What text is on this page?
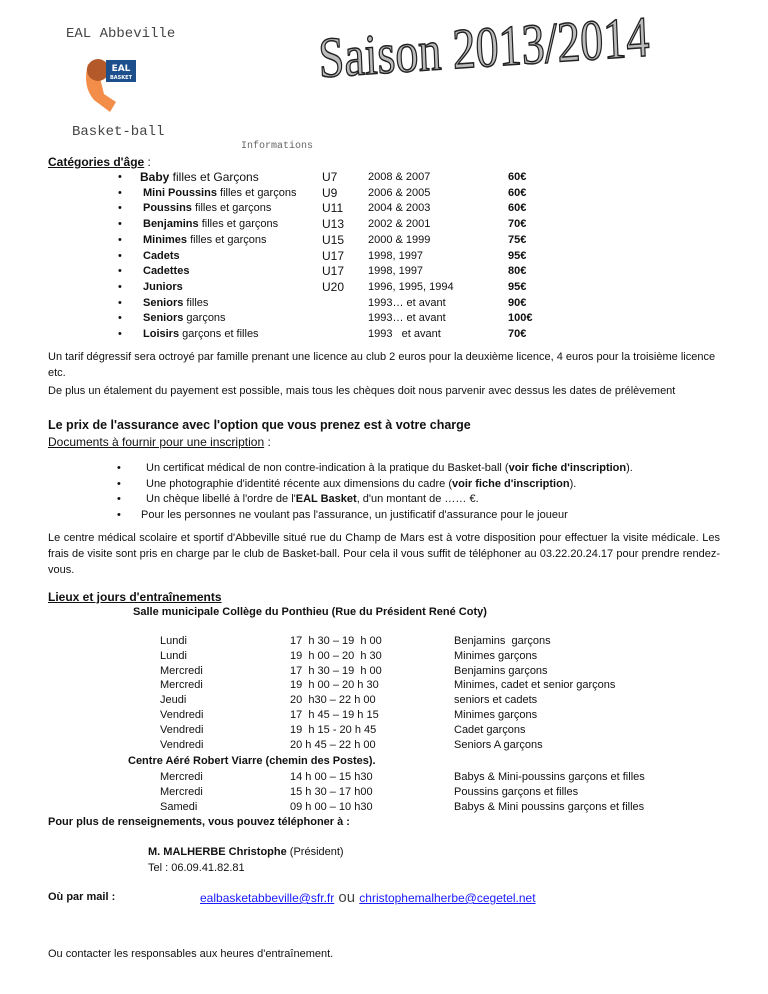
EAL Abbeville
EAL
BASKET	Saison 2013/2014
Basket-ball
Informations
Catégories d'âge :
• Baby filles et Garçons	U7	2008 & 2007	60€
• Mini Poussins filles et garçons U9	2006 & 2005	60€
• Poussins filles et garçons	U11 2004 & 2003	60€
• Benjamins filles et garçons	U13 2002 & 2001	70€
• Minimes filles et garçons	U15 2000 & 1999	75€
• Cadets	U17 1998, 1997	95€
• Cadettes	U17 1998, 1997	80€
• Juniors	U20 1996, 1995, 1994	95€
• Seniors filles	1993… et avant	90€
• Seniors garçons	1993… et avant	100€
• Loisirs garçons et filles	1993   et avant	70€
Un tarif dégressif sera octroyé par famille prenant une licence au club 2 euros pour la deuxième licence, 4 euros pour la troisième licence etc.
De plus un étalement du payement est possible, mais tous les chèques doit nous parvenir avec dessus les dates de prélèvement
Le prix de l'assurance avec l'option que vous prenez est à votre charge
Documents à fournir pour une inscription :
• Un certificat médical de non contre-indication à la pratique du Basket-ball (voir fiche d'inscription).
• Une photographie d'identité récente aux dimensions du cadre (voir fiche d'inscription).
• Un chèque libellé à l'ordre de l'EAL Basket, d'un montant de …… €.
• Pour les personnes ne voulant pas l'assurance, un justificatif d'assurance pour le joueur
Le centre médical scolaire et sportif d'Abbeville situé rue du Champ de Mars est à votre disposition pour effectuer la visite médicale. Les frais de visite sont pris en charge par le club de Basket-ball. Pour cela il vous suffit de téléphoner au 03.22.20.24.17 pour prendre rendez-vous.
Lieux et jours d'entraînements
Salle municipale Collège du Ponthieu (Rue du Président René Coty)
Lundi	17  h 30 – 19  h 00	Benjamins  garçons
Lundi	19  h 00 – 20  h 30	Minimes garçons
Mercredi	17  h 30 – 19  h 00	Benjamins garçons
Mercredi	19  h 00 – 20 h 30	Minimes, cadet et senior garçons
Jeudi	20  h30 – 22 h 00	seniors et cadets
Vendredi	17  h 45 – 19 h 15	Minimes garçons
Vendredi	19  h 15 - 20 h 45	Cadet garçons
Vendredi	20 h 45 – 22 h 00	Seniors A garçons
Centre Aéré Robert Viarre (chemin des Postes).
Mercredi	14 h 00 – 15 h30	Babys & Mini-poussins garçons et filles
Mercredi	15 h 30 – 17 h00	Poussins garçons et filles
Samedi	09 h 00 – 10 h30	Babys & Mini poussins garçons et filles
Pour plus de renseignements, vous pouvez téléphoner à :
M. MALHERBE Christophe (Président)
Tel : 06.09.41.82.81
Où par mail :	ealbasketabbeville@sfr.fr ou christophemalherbe@cegetel.net
Ou contacter les responsables aux heures d'entraînement.
